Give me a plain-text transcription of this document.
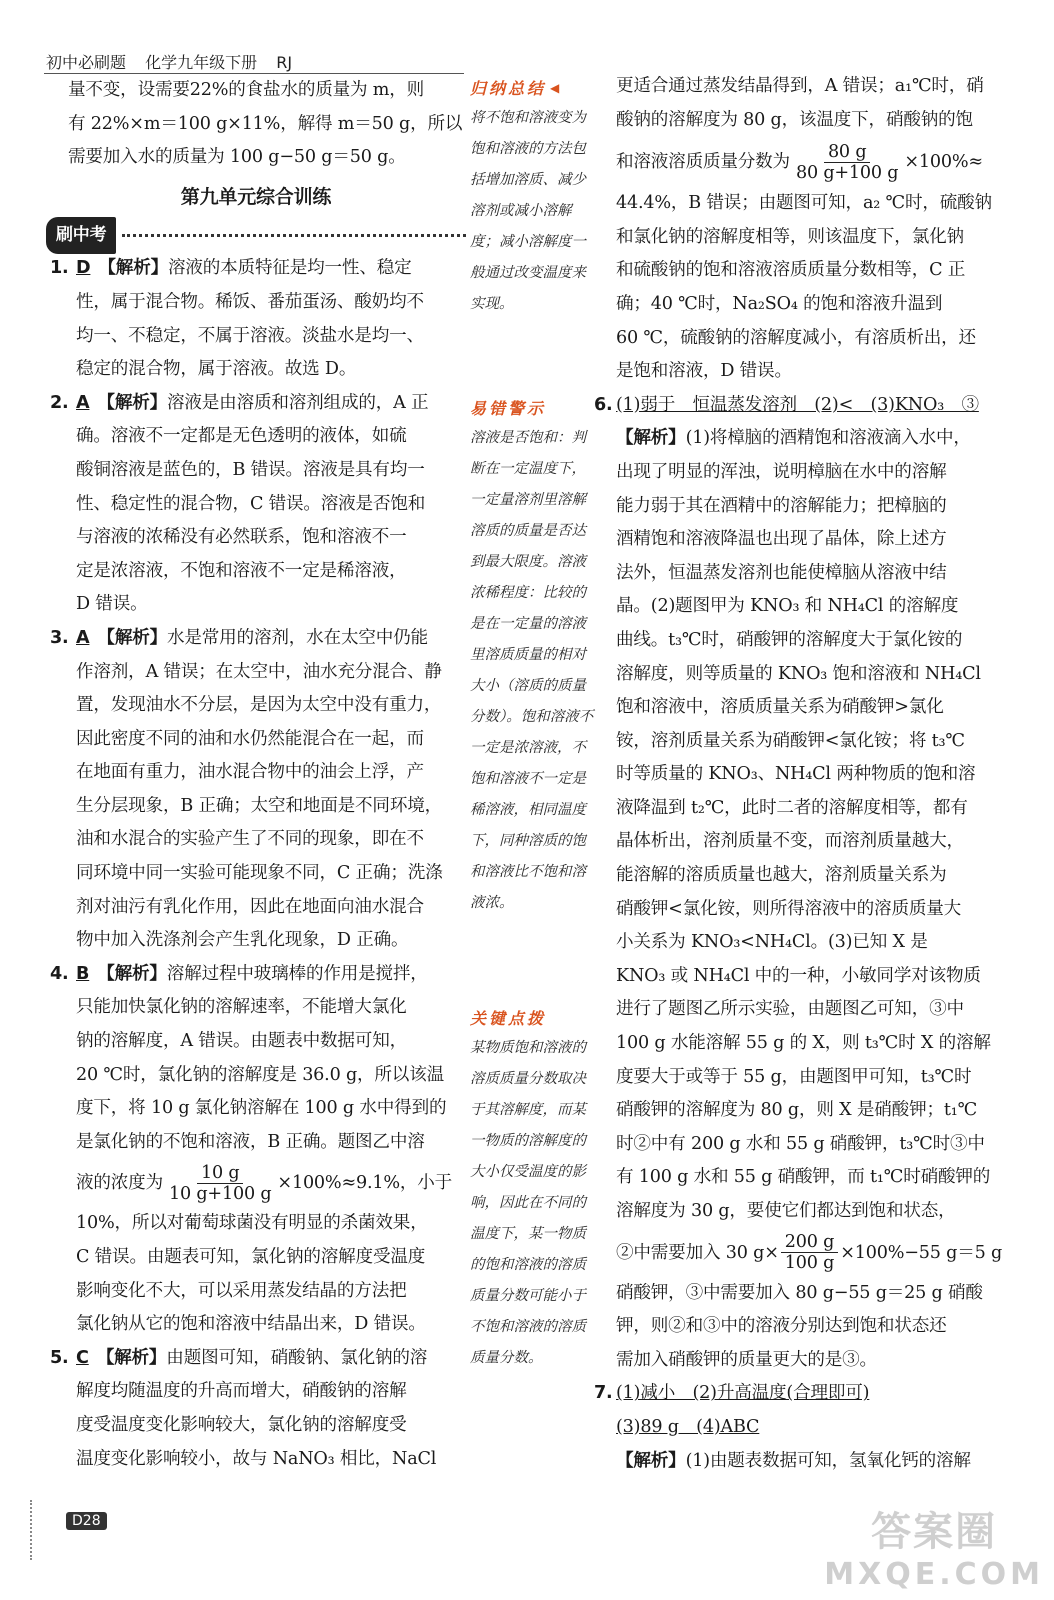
初中必刷题 化学九年级下册 RJ
量不变，设需要22%的食盐水的质量为 m，则
有 22%×m＝100 g×11%，解得 m＝50 g，所以
需要加入水的质量为 100 g−50 g＝50 g。
第九单元综合训练
刷中考
1. D 【解析】溶液的本质特征是均一性、稳定
性，属于混合物。稀饭、番茄蛋汤、酸奶均不
均一、不稳定，不属于溶液。淡盐水是均一、
稳定的混合物，属于溶液。故选 D。
2. A 【解析】溶液是由溶质和溶剂组成的，A 正
确。溶液不一定都是无色透明的液体，如硫
酸铜溶液是蓝色的，B 错误。溶液是具有均一
性、稳定性的混合物，C 错误。溶液是否饱和
与溶液的浓稀没有必然联系，饱和溶液不一
定是浓溶液，不饱和溶液不一定是稀溶液，
D 错误。
3. A 【解析】水是常用的溶剂，水在太空中仍能
作溶剂，A 错误；在太空中，油水充分混合、静
置，发现油水不分层，是因为太空中没有重力，
因此密度不同的油和水仍然能混合在一起，而
在地面有重力，油水混合物中的油会上浮，产
生分层现象，B 正确；太空和地面是不同环境，
油和水混合的实验产生了不同的现象，即在不
同环境中同一实验可能现象不同，C 正确；洗涤
剂对油污有乳化作用，因此在地面向油水混合
物中加入洗涤剂会产生乳化现象，D 正确。
4. B 【解析】溶解过程中玻璃棒的作用是搅拌，
只能加快氯化钠的溶解速率，不能增大氯化
钠的溶解度，A 错误。由题表中数据可知，
20 ℃时，氯化钠的溶解度是 36.0 g，所以该温
度下，将 10 g 氯化钠溶解在 100 g 水中得到的
是氯化钠的不饱和溶液，B 正确。题图乙中溶
液的浓度为 $\frac{10 g}{10 g+100 g} \times 100\%\approx 9.1\%$，小于
10%，所以对葡萄球菌没有明显的杀菌效果，
C 错误。由题表可知，氯化钠的溶解度受温度
影响变化不大，可以采用蒸发结晶的方法把
氯化钠从它的饱和溶液中结晶出来，D 错误。
5. C 【解析】由题图可知，硝酸钠、氯化钠的溶
解度均随温度的升高而增大，硝酸钠的溶解
度受温度变化影响较大，氯化钠的溶解度受
温度变化影响较小，故与 NaNO₃ 相比，NaCl
归纳总结 ◀

将不饱和溶液变为饱和溶液的方法包括增加溶质、减少溶剂或减小溶解度；减小溶解度一般通过改变温度来实现。

易错警示

溶液是否饱和：判断在一定温度下，一定量溶剂里溶解溶质的质量是否达到最大限度。溶液浓稀程度：比较的是在一定量的溶液里溶质质量的相对大小（溶质的质量分数）。饱和溶液不一定是浓溶液，不饱和溶液不一定是稀溶液，相同温度下，同种溶质的饱和溶液比不饱和溶液浓。

关键点拨

某物质饱和溶液的溶质质量分数取决于其溶解度，而某一物质的溶解度的大小仅受温度的影响，因此在不同的温度下，某一物质的饱和溶液的溶质质量分数可能小于不饱和溶液的溶质质量分数。

更适合通过蒸发结晶得到，A 错误；a₁℃时，硝
酸钠的溶解度为 80 g，该温度下，硝酸钠的饱
和溶液溶质质量分数为 $\frac{80 g}{80 g+100 g} \times 100\%\approx$
44.4%，B 错误；由题图可知，a₂ ℃时，硫酸钠
和氯化钠的溶解度相等，则该温度下，氯化钠
和硫酸钠的饱和溶液溶质质量分数相等，C 正
确；40 ℃时，Na₂SO₄ 的饱和溶液升温到
60 ℃，硫酸钠的溶解度减小，有溶质析出，还
是饱和溶液，D 错误。
6. (1)弱于　恒温蒸发溶剂　(2)<　(3)KNO₃　③
【解析】(1)将樟脑的酒精饱和溶液滴入水中，
出现了明显的浑浊，说明樟脑在水中的溶解
能力弱于其在酒精中的溶解能力；把樟脑的
酒精饱和溶液降温也出现了晶体，除上述方
法外，恒温蒸发溶剂也能使樟脑从溶液中结
晶。(2)题图甲为 KNO₃ 和 NH₄Cl 的溶解度
曲线。t₃℃时，硝酸钾的溶解度大于氯化铵的
溶解度，则等质量的 KNO₃ 饱和溶液和 NH₄Cl
饱和溶液中，溶质质量关系为硝酸钾>氯化
铵，溶剂质量关系为硝酸钾<氯化铵；将 t₃℃
时等质量的 KNO₃、NH₄Cl 两种物质的饱和溶
液降温到 t₂℃，此时二者的溶解度相等，都有
晶体析出，溶剂质量不变，而溶剂质量越大，
能溶解的溶质质量也越大，溶剂质量关系为
硝酸钾<氯化铵，则所得溶液中的溶质质量大
小关系为 KNO₃<NH₄Cl。(3)已知 X 是
KNO₃ 或 NH₄Cl 中的一种，小敏同学对该物质
进行了题图乙所示实验，由题图乙可知，③中
100 g 水能溶解 55 g 的 X，则 t₃℃时 X 的溶解
度要大于或等于 55 g，由题图甲可知，t₃℃时
硝酸钾的溶解度为 80 g，则 X 是硝酸钾；t₁℃
时②中有 200 g 水和 55 g 硝酸钾，t₃℃时③中
有 100 g 水和 55 g 硝酸钾，而 t₁℃时硝酸钾的
溶解度为 30 g，要使它们都达到饱和状态，
②中需要加入 30 $g\times \frac{200 g}{100 g} \times 100\%-55$ g＝5 g
硝酸钾，③中需要加入 80 g−55 g＝25 g 硝酸
钾，则②和③中的溶液分别达到饱和状态还
需加入硝酸钾的质量更大的是③。
7. (1)减小　(2)升高温度(合理即可)
(3)89 g　(4)ABC
【解析】(1)由题表数据可知，氢氧化钙的溶解
D28	答案圈
MXQE.COM
